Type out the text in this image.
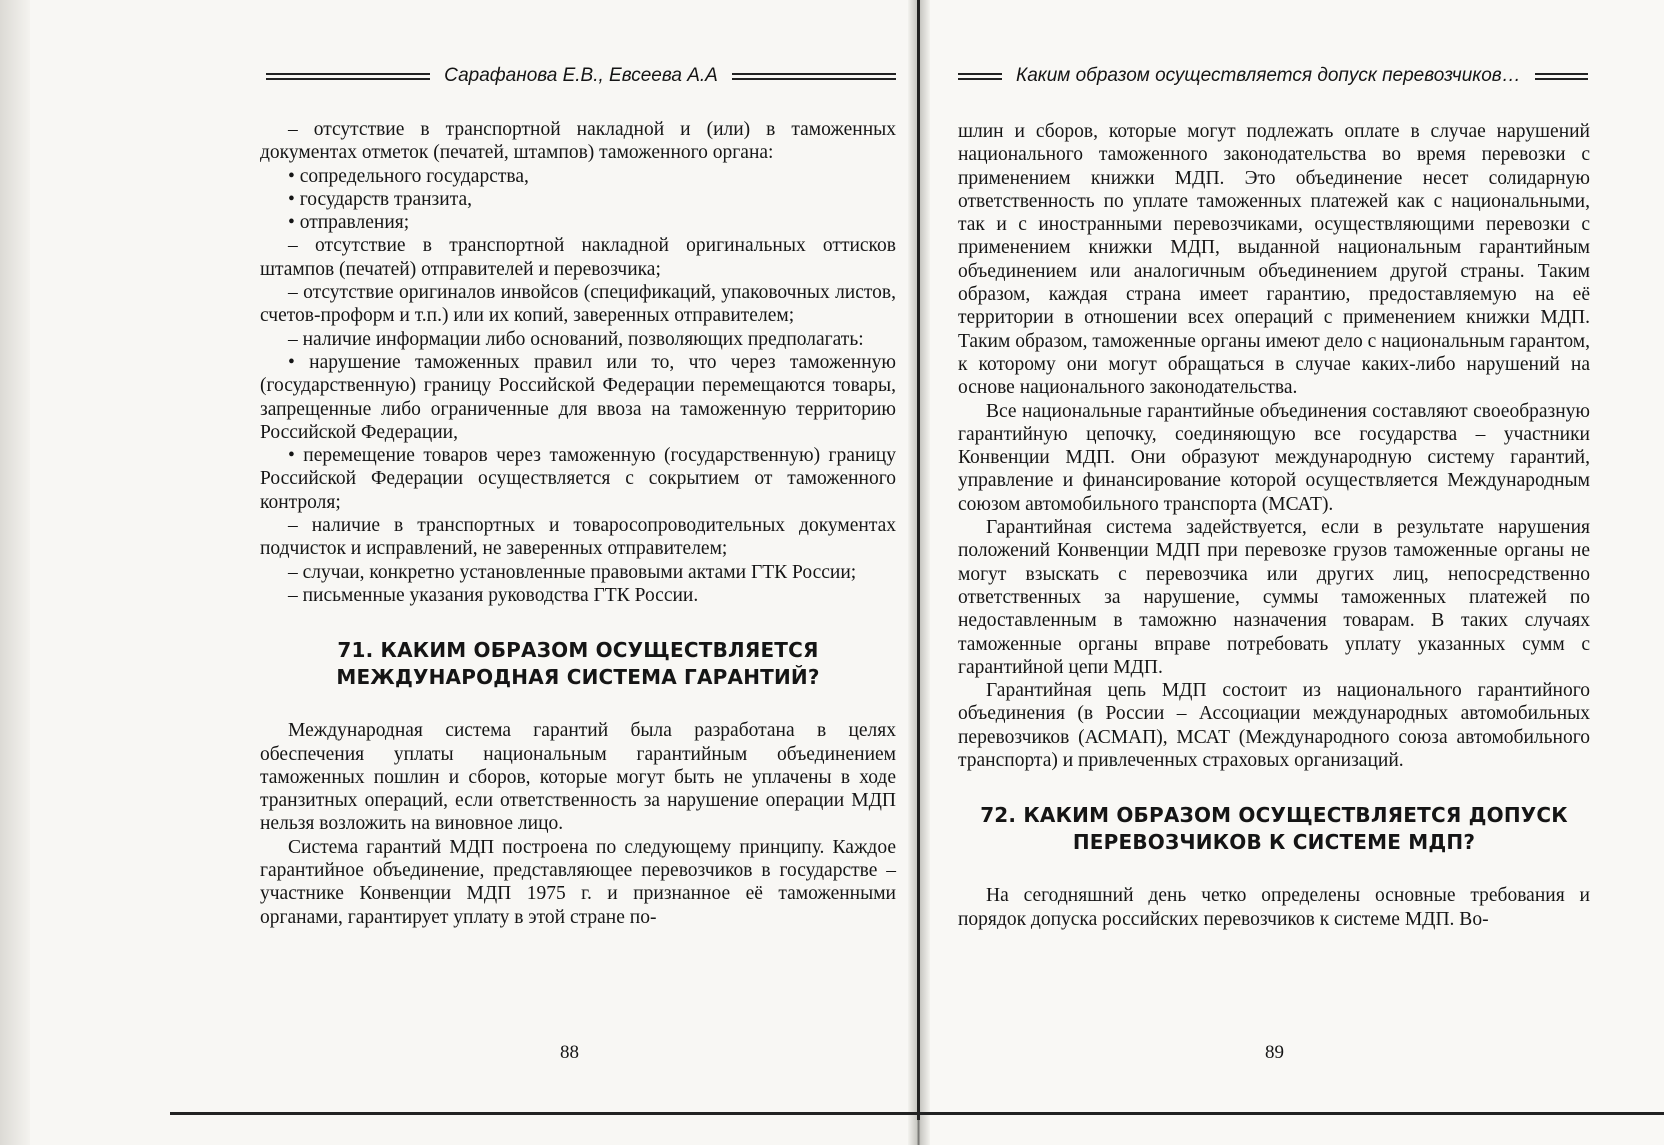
Сарафанова Е.В., Евсеева А.А	Каким образом осуществляется допуск перевозчиков…

– отсутствие в транспортной накладной и (или) в таможенных документах отметок (печатей, штампов) таможенного органа:

• сопредельного государства,

• государств транзита,

• отправления;

– отсутствие в транспортной накладной оригинальных оттисков штампов (печатей) отправителей и перевозчика;

– отсутствие оригиналов инвойсов (спецификаций, упаковочных листов, счетов-проформ и т.п.) или их копий, заверенных отправителем;

– наличие информации либо оснований, позволяющих предполагать:

• нарушение таможенных правил или то, что через таможенную (государственную) границу Российской Федерации перемещаются товары, запрещенные либо ограниченные для ввоза на таможенную территорию Российской Федерации,

• перемещение товаров через таможенную (государственную) границу Российской Федерации осуществляется с сокрытием от таможенного контроля;

– наличие в транспортных и товаросопроводительных документах подчисток и исправлений, не заверенных отправителем;

– случаи, конкретно установленные правовыми актами ГТК России;

– письменные указания руководства ГТК России.

71. КАКИМ ОБРАЗОМ ОСУЩЕСТВЛЯЕТСЯ
МЕЖДУНАРОДНАЯ СИСТЕМА ГАРАНТИЙ?

Международная система гарантий была разработана в целях обеспечения уплаты национальным гарантийным объединением таможенных пошлин и сборов, которые могут быть не уплачены в ходе транзитных операций, если ответственность за нарушение операции МДП нельзя возложить на виновное лицо.

Система гарантий МДП построена по следующему принципу. Каждое гарантийное объединение, представляющее перевозчиков в государстве – участнике Конвенции МДП 1975 г. и признанное её таможенными органами, гарантирует уплату в этой стране по-

шлин и сборов, которые могут подлежать оплате в случае нарушений национального таможенного законодательства во время перевозки с применением книжки МДП. Это объединение несет солидарную ответственность по уплате таможенных платежей как с национальными, так и с иностранными перевозчиками, осуществляющими перевозки с применением книжки МДП, выданной национальным гарантийным объединением или аналогичным объединением другой страны. Таким образом, каждая страна имеет гарантию, предоставляемую на её территории в отношении всех операций с применением книжки МДП. Таким образом, таможенные органы имеют дело с национальным гарантом, к которому они могут обращаться в случае каких-либо нарушений на основе национального законодательства.

Все национальные гарантийные объединения составляют своеобразную гарантийную цепочку, соединяющую все государства – участники Конвенции МДП. Они образуют международную систему гарантий, управление и финансирование которой осуществляется Международным союзом автомобильного транспорта (МСАТ).

Гарантийная система задействуется, если в результате нарушения положений Конвенции МДП при перевозке грузов таможенные органы не могут взыскать с перевозчика или других лиц, непосредственно ответственных за нарушение, суммы таможенных платежей по недоставленным в таможню назначения товарам. В таких случаях таможенные органы вправе потребовать уплату указанных сумм с гарантийной цепи МДП.

Гарантийная цепь МДП состоит из национального гарантийного объединения (в России – Ассоциации международных автомобильных перевозчиков (АСМАП), МСАТ (Международного союза автомобильного транспорта) и привлеченных страховых организаций.

72. КАКИМ ОБРАЗОМ ОСУЩЕСТВЛЯЕТСЯ ДОПУСК
ПЕРЕВОЗЧИКОВ К СИСТЕМЕ МДП?

На сегодняшний день четко определены основные требования и порядок допуска российских перевозчиков к системе МДП. Во-

88	89
